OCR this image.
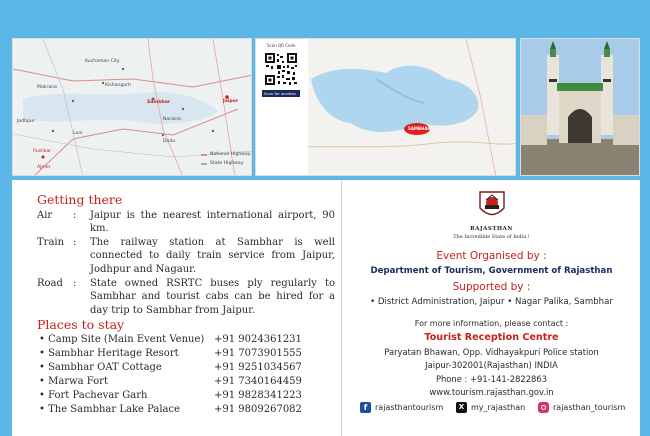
Kuchaman City
Makrana	Kishangarh
Sambhar	Jaipur
Naraina
Dudu
Jodhpur
Pushkar
Ajmer
National Highway
State Highway
Luni
Scan QR Code
Scan for location
SAMBHAR
Getting there
Air : Jaipur is the nearest international airport, 90 km.
Train : The railway station at Sambhar is well connected to daily train service from Jaipur, Jodhpur and Nagaur.
Road : State owned RSRTC buses ply regularly to Sambhar and tourist cabs can be hired for a day trip to Sambhar from Jaipur.
Places to stay
• Camp Site (Main Event Venue) +91 9024361231
• Sambhar Heritage Resort	+91 7073901555
• Sambhar OAT Cottage	+91 9251034567
• Marwa Fort	+91 7340164459
• Fort Pachevar Garh	+91 9828341223
• The Sambhar Lake Palace	+91 9809267082
RAJASTHAN
The Incredible State of India !
Event Organised by :
Department of Tourism, Government of Rajasthan
Supported by :
• District Administration, Jaipur • Nagar Palika, Sambhar
For more information, please contact :
Tourist Reception Centre
Paryatan Bhawan, Opp. Vidhayakpuri Police station
Jaipur-302001(Rajasthan) INDIA
Phone : +91-141-2822863
www.tourism.rajasthan.gov.in
f rajasthantourism	X my_rajasthan	rajasthan_tourism
